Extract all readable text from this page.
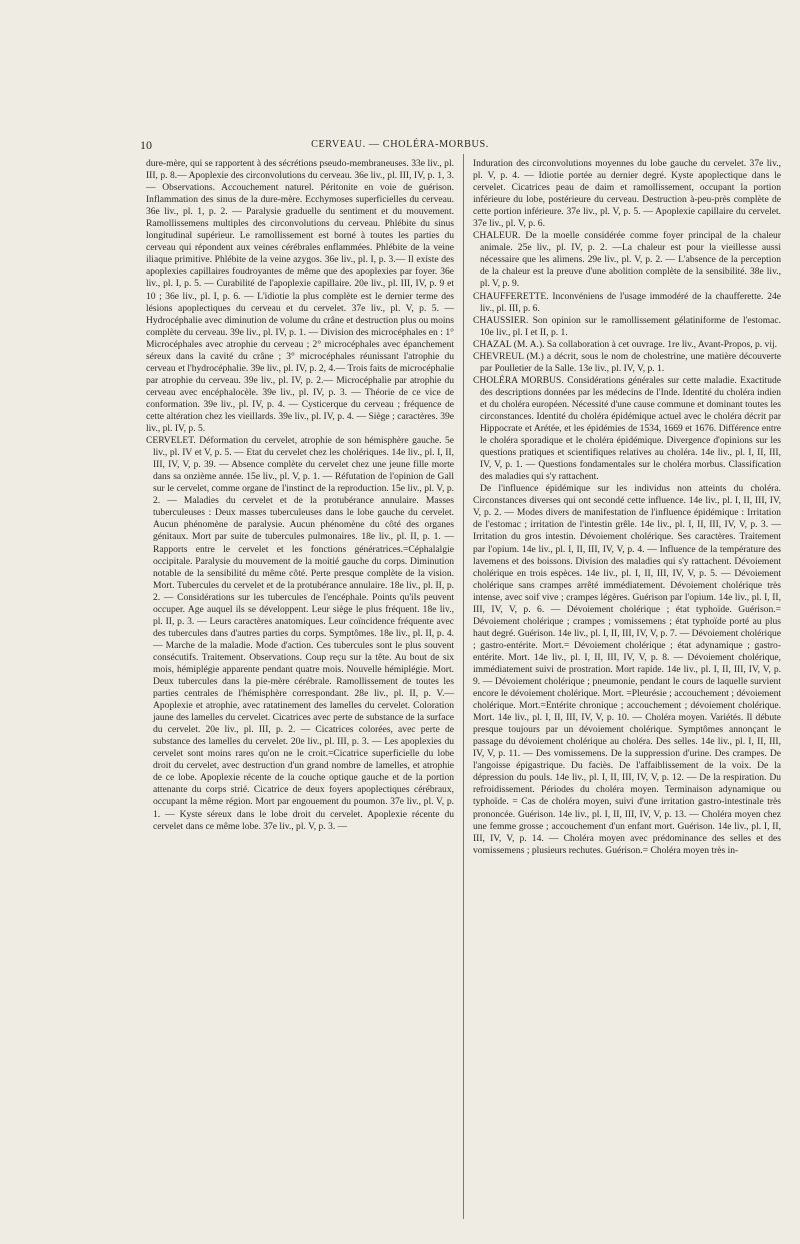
10	CERVEAU. — CHOLÉRA-MORBUS.

dure-mère, qui se rapportent à des sécrétions pseudo-membraneuses. 33e liv., pl. III, p. 8.— Apoplexie des circonvolutions du cerveau. 36e liv., pl. III, IV, p. 1, 3.— Observations. Accouchement naturel. Péritonite en voie de guérison. Inflammation des sinus de la dure-mère. Ecchymoses superficielles du cerveau. 36e liv., pl. 1, p. 2. — Paralysie graduelle du sentiment et du mouvement. Ramollissemens multiples des circonvolutions du cerveau. Phlébite du sinus longitudinal supérieur. Le ramollissement est borné à toutes les parties du cerveau qui répondent aux veines cérébrales enflammées. Phlébite de la veine iliaque primitive. Phlébite de la veine azygos. 36e liv., pl. I, p. 3.— Il existe des apoplexies capillaires foudroyantes de même que des apoplexies par foyer. 36e liv., pl. I, p. 5. — Curabilité de l'apoplexie capillaire. 20e liv., pl. III, IV, p. 9 et 10 ; 36e liv., pl. I, p. 6. — L'idiotie la plus complète est le dernier terme des lésions apoplectiques du cerveau et du cervelet. 37e liv., pl. V, p. 5. — Hydrocéphalie avec diminution de volume du crâne et destruction plus ou moins complète du cerveau. 39e liv., pl. IV, p. 1. — Division des microcéphales en : 1° Microcéphales avec atrophie du cerveau ; 2° microcéphales avec épanchement séreux dans la cavité du crâne ; 3° microcéphales réunissant l'atrophie du cerveau et l'hydrocéphalie. 39e liv., pl. IV, p. 2, 4.— Trois faits de microcéphalie par atrophie du cerveau. 39e liv., pl. IV, p. 2.— Microcéphalie par atrophie du cerveau avec encéphalocèle. 39e liv., pl. IV, p. 3. — Théorie de ce vice de conformation. 39e liv., pl. IV, p. 4. — Cysticerque du cerveau ; fréquence de cette altération chez les vieillards. 39e liv., pl. IV, p. 4. — Siège ; caractères. 39e liv., pl. IV, p. 5.

CERVELET. Déformation du cervelet, atrophie de son hémisphère gauche. 5e liv., pl. IV et V, p. 5. — Etat du cervelet chez les cholériques. 14e liv., pl. I, II, III, IV, V, p. 39. — Absence complète du cervelet chez une jeune fille morte dans sa onzième année. 15e liv., pl. V, p. 1. — Réfutation de l'opinion de Gall sur le cervelet, comme organe de l'instinct de la reproduction. 15e liv., pl. V, p. 2. — Maladies du cervelet et de la protubérance annulaire. Masses tuberculeuses : Deux masses tuberculeuses dans le lobe gauche du cervelet. Aucun phénomène de paralysie. Aucun phénomène du côté des organes génitaux. Mort par suite de tubercules pulmonaires. 18e liv., pl. II, p. 1. — Rapports entre le cervelet et les fonctions génératrices.=Céphalalgie occipitale. Paralysie du mouvement de la moitié gauche du corps. Diminution notable de la sensibilité du même côté. Perte presque complète de la vision. Mort. Tubercules du cervelet et de la protubérance annulaire. 18e liv., pl. II, p. 2. — Considérations sur les tubercules de l'encéphale. Points qu'ils peuvent occuper. Age auquel ils se développent. Leur siège le plus fréquent. 18e liv., pl. II, p. 3. — Leurs caractères anatomiques. Leur coïncidence fréquente avec des tubercules dans d'autres parties du corps. Symptômes. 18e liv., pl. II, p. 4. — Marche de la maladie. Mode d'action. Ces tubercules sont le plus souvent consécutifs. Traitement. Observations. Coup reçu sur la tête. Au bout de six mois, hémiplégie apparente pendant quatre mois. Nouvelle hémiplégie. Mort. Deux tubercules dans la pie-mère cérébrale. Ramollissement de toutes les parties centrales de l'hémisphère correspondant. 28e liv., pl. II, p. V.—Apoplexie et atrophie, avec ratatinement des lamelles du cervelet. Coloration jaune des lamelles du cervelet. Cicatrices avec perte de substance de la surface du cervelet. 20e liv., pl. III, p. 2. — Cicatrices colorées, avec perte de substance des lamelles du cervelet. 20e liv., pl. III, p. 3. — Les apoplexies du cervelet sont moins rares qu'on ne le croit.=Cicatrice superficielle du lobe droit du cervelet, avec destruction d'un grand nombre de lamelles, et atrophie de ce lobe. Apoplexie récente de la couche optique gauche et de la portion attenante du corps strié. Cicatrice de deux foyers apoplectiques cérébraux, occupant la même région. Mort par engouement du poumon. 37e liv., pl. V, p. 1. — Kyste séreux dans le lobe droit du cervelet. Apoplexie récente du cervelet dans ce même lobe. 37e liv., pl. V, p. 3. —

Induration des circonvolutions moyennes du lobe gauche du cervelet. 37e liv., pl. V, p. 4. — Idiotie portée au dernier degré. Kyste apoplectique dans le cervelet. Cicatrices peau de daim et ramollissement, occupant la portion inférieure du lobe, postérieure du cerveau. Destruction à-peu-près complète de cette portion inférieure. 37e liv., pl. V, p. 5. — Apoplexie capillaire du cervelet. 37e liv., pl. V, p. 6.

CHALEUR. De la moelle considérée comme foyer principal de la chaleur animale. 25e liv., pl. IV, p. 2. —La chaleur est pour la vieillesse aussi nécessaire que les alimens. 29e liv., pl. V, p. 2. — L'absence de la perception de la chaleur est la preuve d'une abolition complète de la sensibilité. 38e liv., pl. V, p. 9.

CHAUFFERETTE. Inconvéniens de l'usage immodéré de la chaufferette. 24e liv., pl. III, p. 6.

CHAUSSIER. Son opinion sur le ramollissement gélatiniforme de l'estomac. 10e liv., pl. I et II, p. 1.

CHAZAL (M. A.). Sa collaboration à cet ouvrage. 1re liv., Avant-Propos, p. vij.

CHEVREUL (M.) a décrit, sous le nom de cholestrine, une matière découverte par Poulletier de la Salle. 13e liv., pl. IV, V, p. 1.

CHOLÉRA MORBUS. Considérations générales sur cette maladie. Exactitude des descriptions données par les médecins de l'Inde. Identité du choléra indien et du choléra européen. Nécessité d'une cause commune et dominant toutes les circonstances. Identité du choléra épidémique actuel avec le choléra décrit par Hippocrate et Arétée, et les épidémies de 1534, 1669 et 1676. Différence entre le choléra sporadique et le choléra épidémique. Divergence d'opinions sur les questions pratiques et scientifiques relatives au choléra. 14e liv., pl. I, II, III, IV, V, p. 1. — Questions fondamentales sur le choléra morbus. Classification des maladies qui s'y rattachent.

De l'influence épidémique sur les individus non atteints du choléra. Circonstances diverses qui ont secondé cette influence. 14e liv., pl. I, II, III, IV, V, p. 2. — Modes divers de manifestation de l'influence épidémique : Irritation de l'estomac ; irritation de l'intestin grêle. 14e liv., pl. I, II, III, IV, V, p. 3. — Irritation du gros intestin. Dévoiement cholérique. Ses caractères. Traitement par l'opium. 14e liv., pl. I, II, III, IV, V, p. 4. — Influence de la température des lavemens et des boissons. Division des maladies qui s'y rattachent. Dévoiement cholérique en trois espèces. 14e liv., pl. I, II, III, IV, V, p. 5. — Dévoiement cholérique sans crampes arrêté immédiatement. Dévoiement cholérique très intense, avec soif vive ; crampes légères. Guérison par l'opium. 14e liv., pl. I, II, III, IV, V, p. 6. — Dévoiement cholérique ; état typhoïde. Guérison.= Dévoiement cholérique ; crampes ; vomissemens ; état typhoïde porté au plus haut degré. Guérison. 14e liv., pl. I, II, III, IV, V, p. 7. — Dévoiement cholérique ; gastro-entérite. Mort.= Dévoiement cholérique ; état adynamique ; gastro-entérite. Mort. 14e liv., pl. I, II, III, IV, V, p. 8. — Dévoiement cholérique, immédiatement suivi de prostration. Mort rapide. 14e liv., pl. I, II, III, IV, V, p. 9. — Dévoiement cholérique ; pneumonie, pendant le cours de laquelle survient encore le dévoiement cholérique. Mort. =Pleurésie ; accouchement ; dévoiement cholérique. Mort.=Entérite chronique ; accouchement ; dévoiement cholérique. Mort. 14e liv., pl. I, II, III, IV, V, p. 10. — Choléra moyen. Variétés. Il débute presque toujours par un dévoiement cholérique. Symptômes annonçant le passage du dévoiement cholérique au choléra. Des selles. 14e liv., pl. I, II, III, IV, V, p. 11. — Des vomissemens. De la suppression d'urine. Des crampes. De l'angoisse épigastrique. Du faciès. De l'affaiblissement de la voix. De la dépression du pouls. 14e liv., pl. I, II, III, IV, V, p. 12. — De la respiration. Du refroidissement. Périodes du choléra moyen. Terminaison adynamique ou typhoïde. = Cas de choléra moyen, suivi d'une irritation gastro-intestinale très prononcée. Guérison. 14e liv., pl. I, II, III, IV, V, p. 13. — Choléra moyen chez une femme grosse ; accouchement d'un enfant mort. Guérison. 14e liv., pl. I, II, III, IV, V, p. 14. — Choléra moyen avec prédominance des selles et des vomissemens ; plusieurs rechutes. Guérison.= Choléra moyen très in-
